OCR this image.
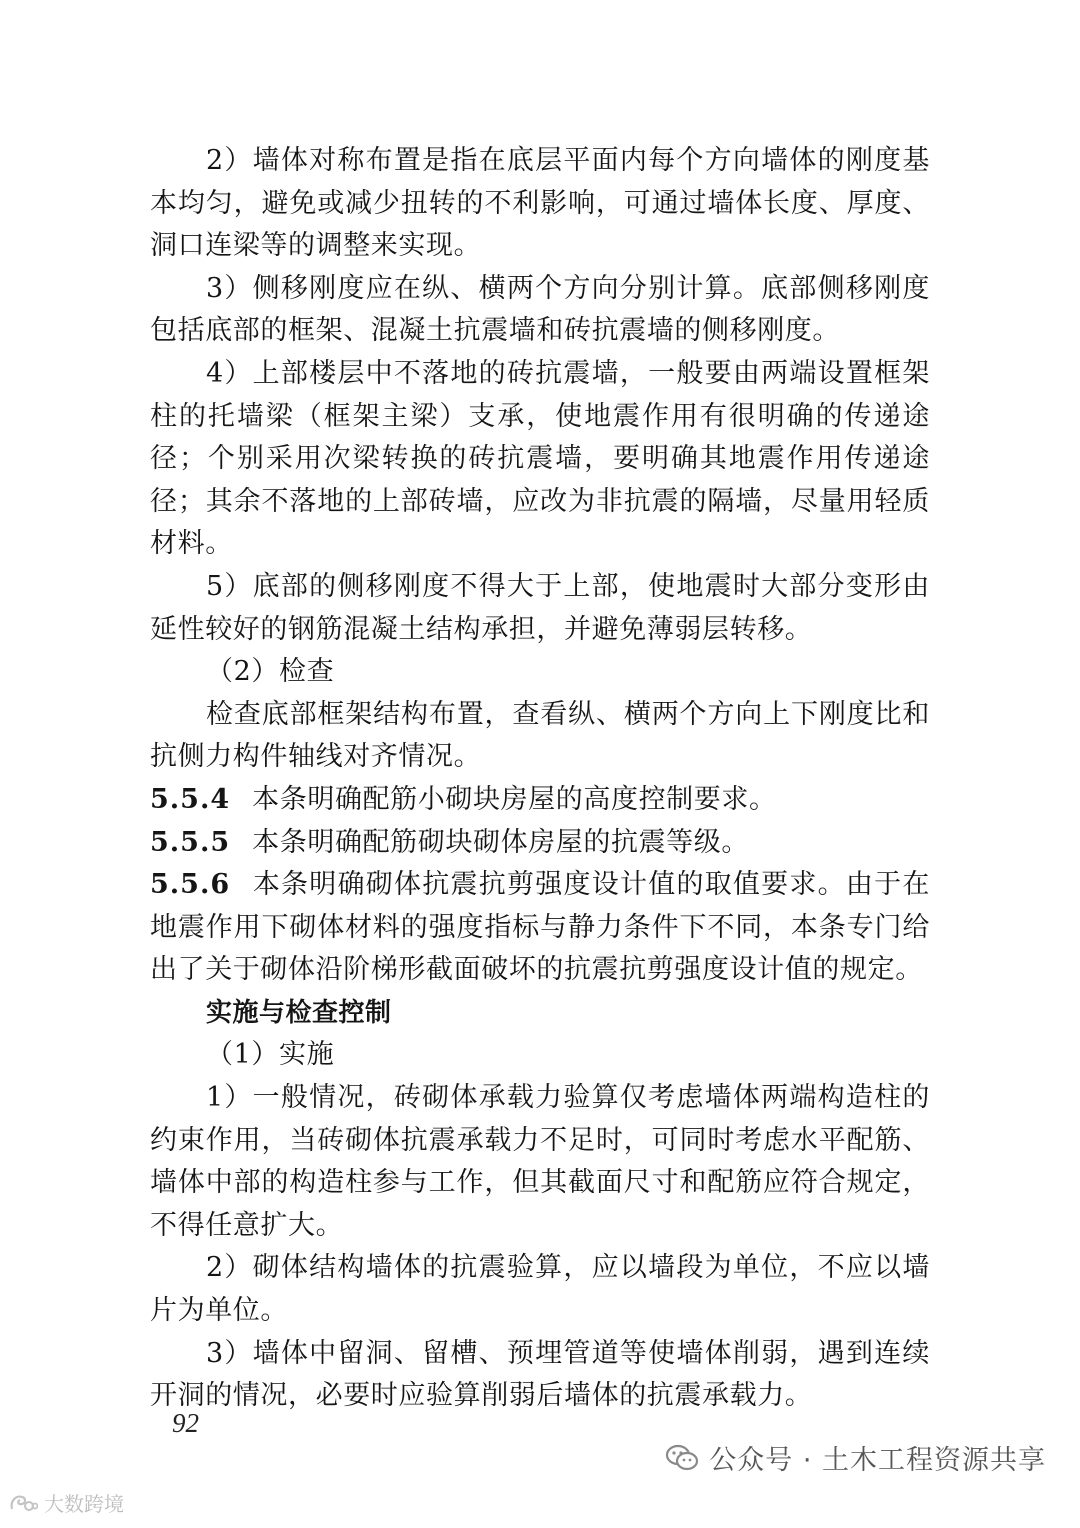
2）墙体对称布置是指在底层平面内每个方向墙体的刚度基本均匀，避免或减少扭转的不利影响，可通过墙体长度、厚度、洞口连梁等的调整来实现。

3）侧移刚度应在纵、横两个方向分别计算。底部侧移刚度包括底部的框架、混凝土抗震墙和砖抗震墙的侧移刚度。

4）上部楼层中不落地的砖抗震墙，一般要由两端设置框架柱的托墙梁（框架主梁）支承，使地震作用有很明确的传递途径；个别采用次梁转换的砖抗震墙，要明确其地震作用传递途径；其余不落地的上部砖墙，应改为非抗震的隔墙，尽量用轻质材料。

5）底部的侧移刚度不得大于上部，使地震时大部分变形由延性较好的钢筋混凝土结构承担，并避免薄弱层转移。

（2）检查

检查底部框架结构布置，查看纵、横两个方向上下刚度比和抗侧力构件轴线对齐情况。

5.5.4 本条明确配筋小砌块房屋的高度控制要求。

5.5.5 本条明确配筋砌块砌体房屋的抗震等级。

5.5.6 本条明确砌体抗震抗剪强度设计值的取值要求。由于在地震作用下砌体材料的强度指标与静力条件下不同，本条专门给出了关于砌体沿阶梯形截面破坏的抗震抗剪强度设计值的规定。

实施与检查控制

（1）实施

1）一般情况，砖砌体承载力验算仅考虑墙体两端构造柱的约束作用，当砖砌体抗震承载力不足时，可同时考虑水平配筋、墙体中部的构造柱参与工作，但其截面尺寸和配筋应符合规定，不得任意扩大。

2）砌体结构墙体的抗震验算，应以墙段为单位，不应以墙片为单位。

3）墙体中留洞、留槽、预埋管道等使墙体削弱，遇到连续开洞的情况，必要时应验算削弱后墙体的抗震承载力。

92
公众号 · 土木工程资源共享
大数跨境
